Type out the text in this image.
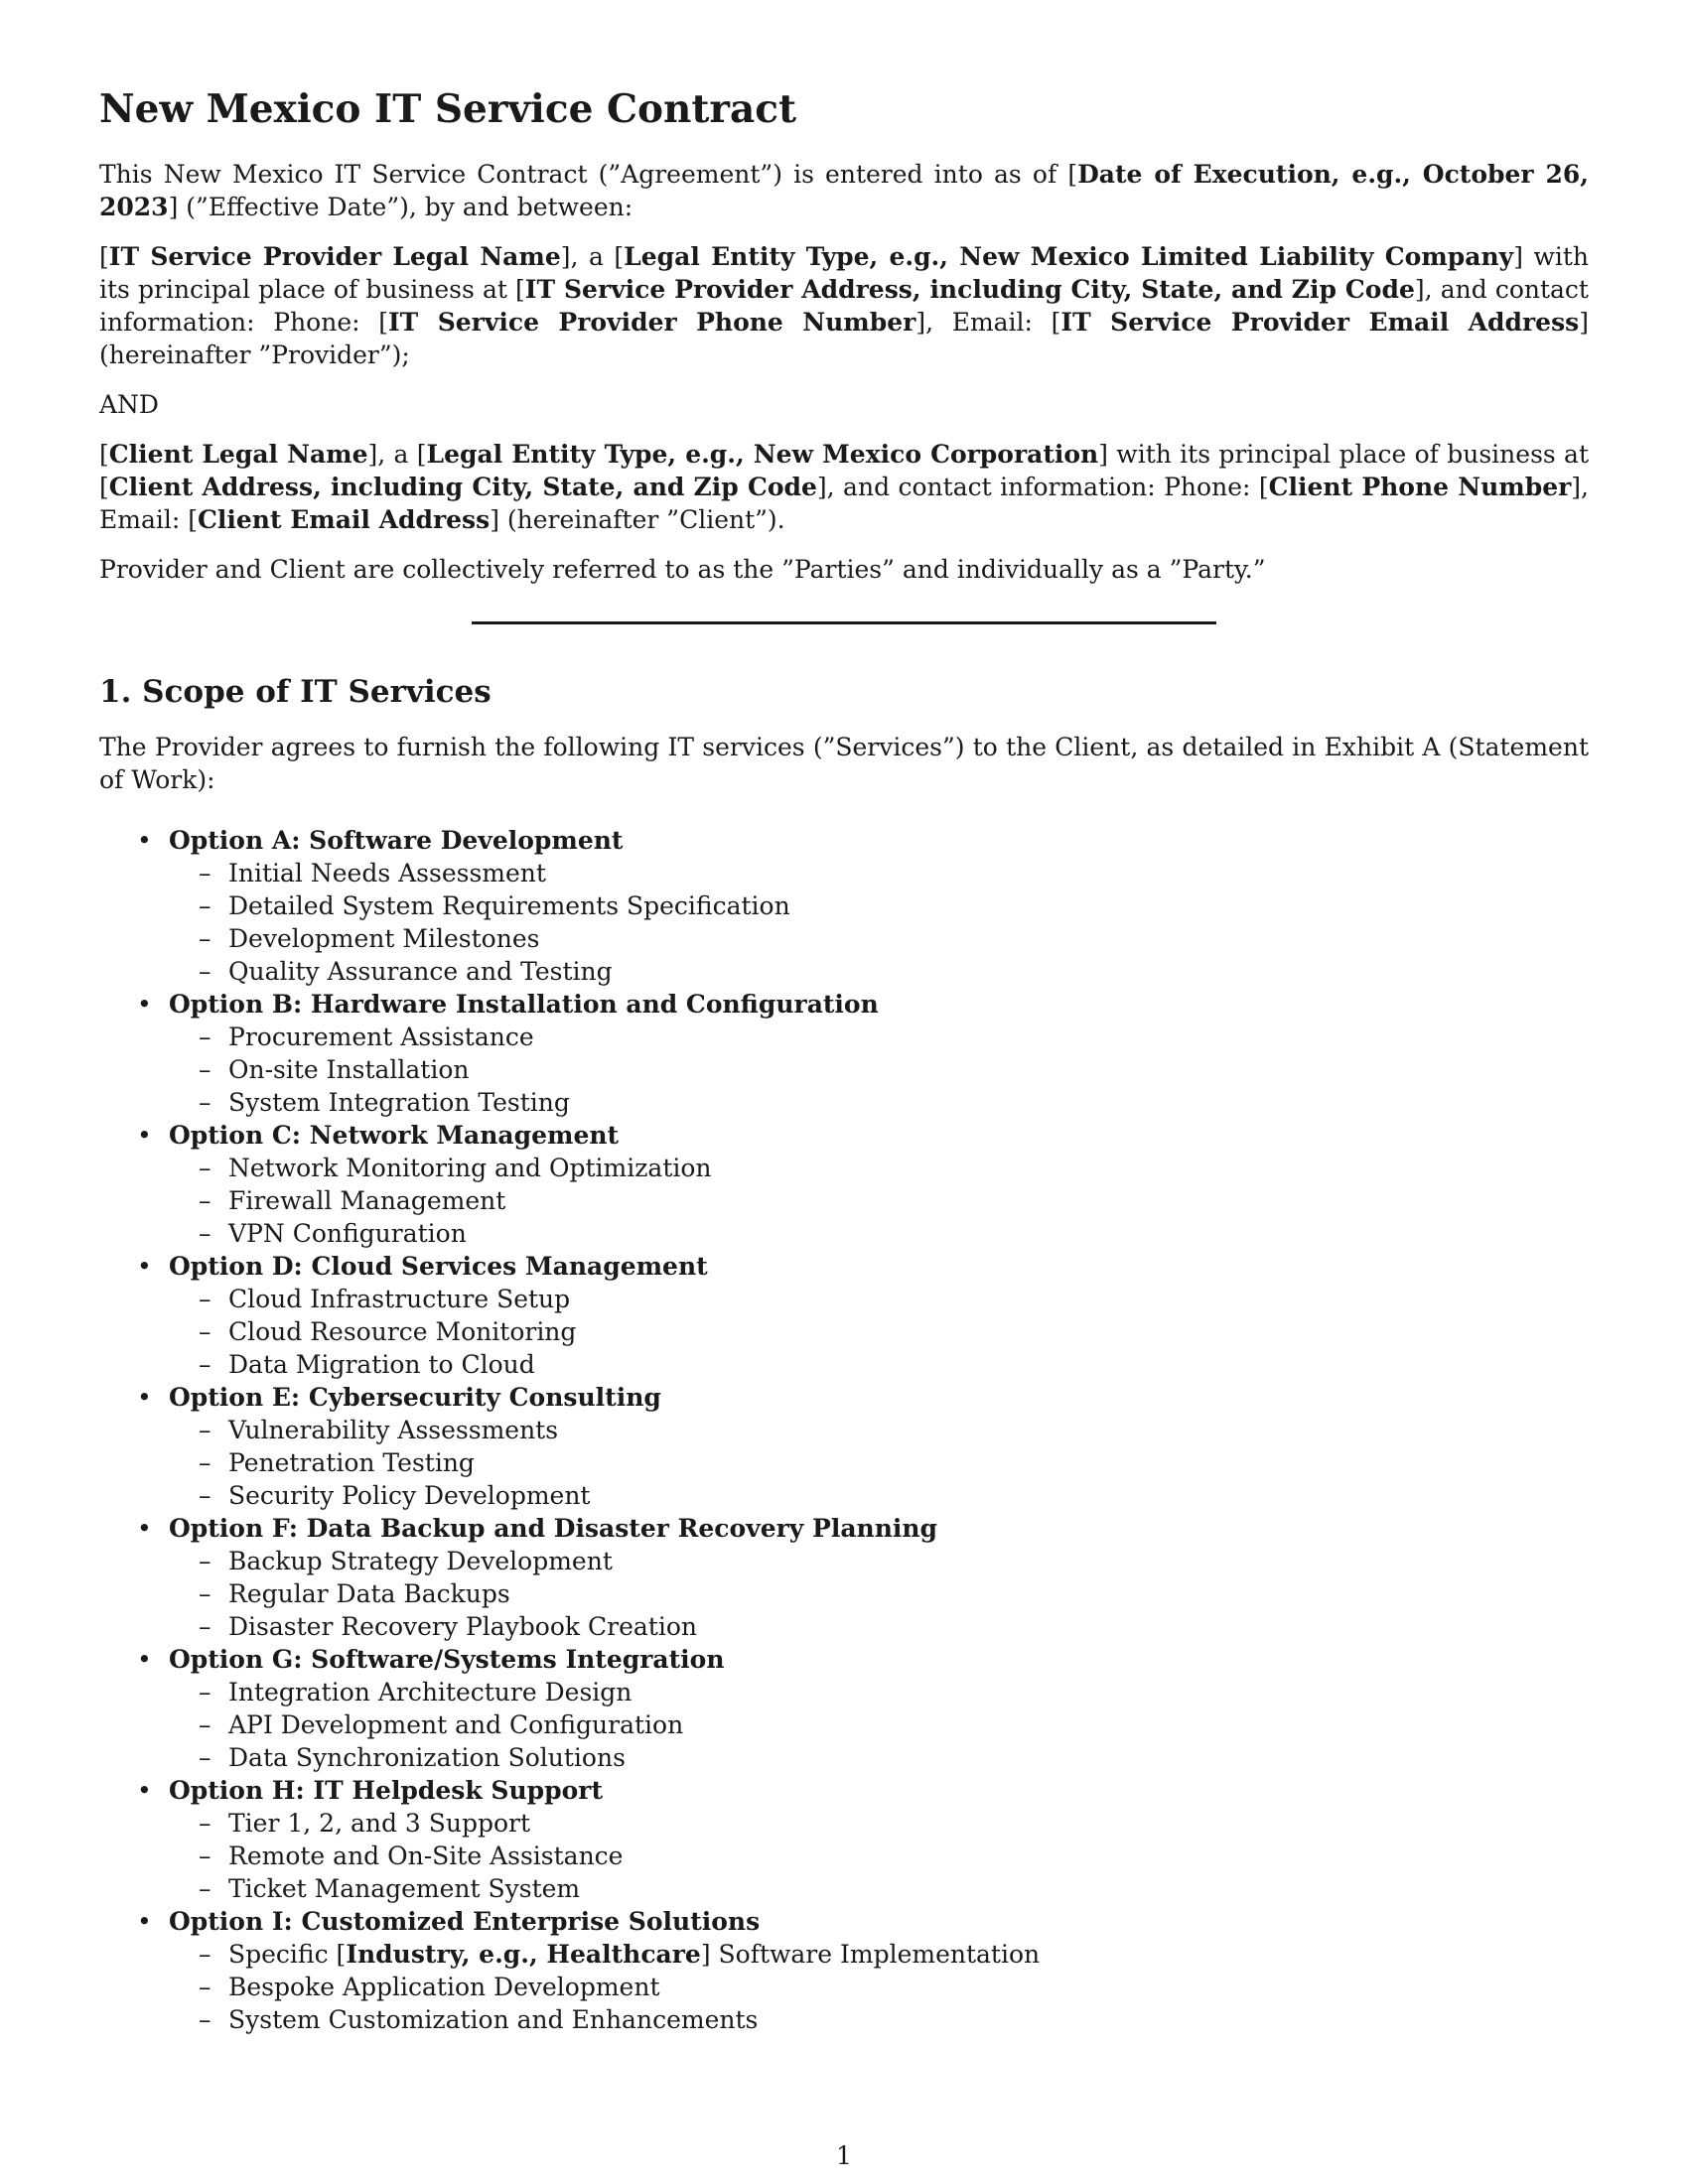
New Mexico IT Service Contract

This New Mexico IT Service Contract (”Agreement”) is entered into as of [Date of Execution, e.g., October 26, 2023] (”Effective Date”), by and between:

[IT Service Provider Legal Name], a [Legal Entity Type, e.g., New Mexico Limited Liability Company] with its principal place of business at [IT Service Provider Address, including City, State, and Zip Code], and contact information: Phone: [IT Service Provider Phone Number], Email: [IT Service Provider Email Address] (hereinafter ”Provider”);

AND

[Client Legal Name], a [Legal Entity Type, e.g., New Mexico Corporation] with its principal place of business at [Client Address, including City, State, and Zip Code], and contact information: Phone: [Client Phone Number], Email: [Client Email Address] (hereinafter ”Client”).

Provider and Client are collectively referred to as the ”Parties” and individually as a ”Party.”

1. Scope of IT Services

The Provider agrees to furnish the following IT services (”Services”) to the Client, as detailed in Exhibit A (Statement of Work):

• Option A: Software Development
– Initial Needs Assessment
– Detailed System Requirements Specification
– Development Milestones
– Quality Assurance and Testing
• Option B: Hardware Installation and Configuration
– Procurement Assistance
– On-site Installation
– System Integration Testing
• Option C: Network Management
– Network Monitoring and Optimization
– Firewall Management
– VPN Configuration
• Option D: Cloud Services Management
– Cloud Infrastructure Setup
– Cloud Resource Monitoring
– Data Migration to Cloud
• Option E: Cybersecurity Consulting
– Vulnerability Assessments
– Penetration Testing
– Security Policy Development
• Option F: Data Backup and Disaster Recovery Planning
– Backup Strategy Development
– Regular Data Backups
– Disaster Recovery Playbook Creation
• Option G: Software/Systems Integration
– Integration Architecture Design
– API Development and Configuration
– Data Synchronization Solutions
• Option H: IT Helpdesk Support
– Tier 1, 2, and 3 Support
– Remote and On-Site Assistance
– Ticket Management System
• Option I: Customized Enterprise Solutions
– Specific [Industry, e.g., Healthcare] Software Implementation
– Bespoke Application Development
– System Customization and Enhancements
1
